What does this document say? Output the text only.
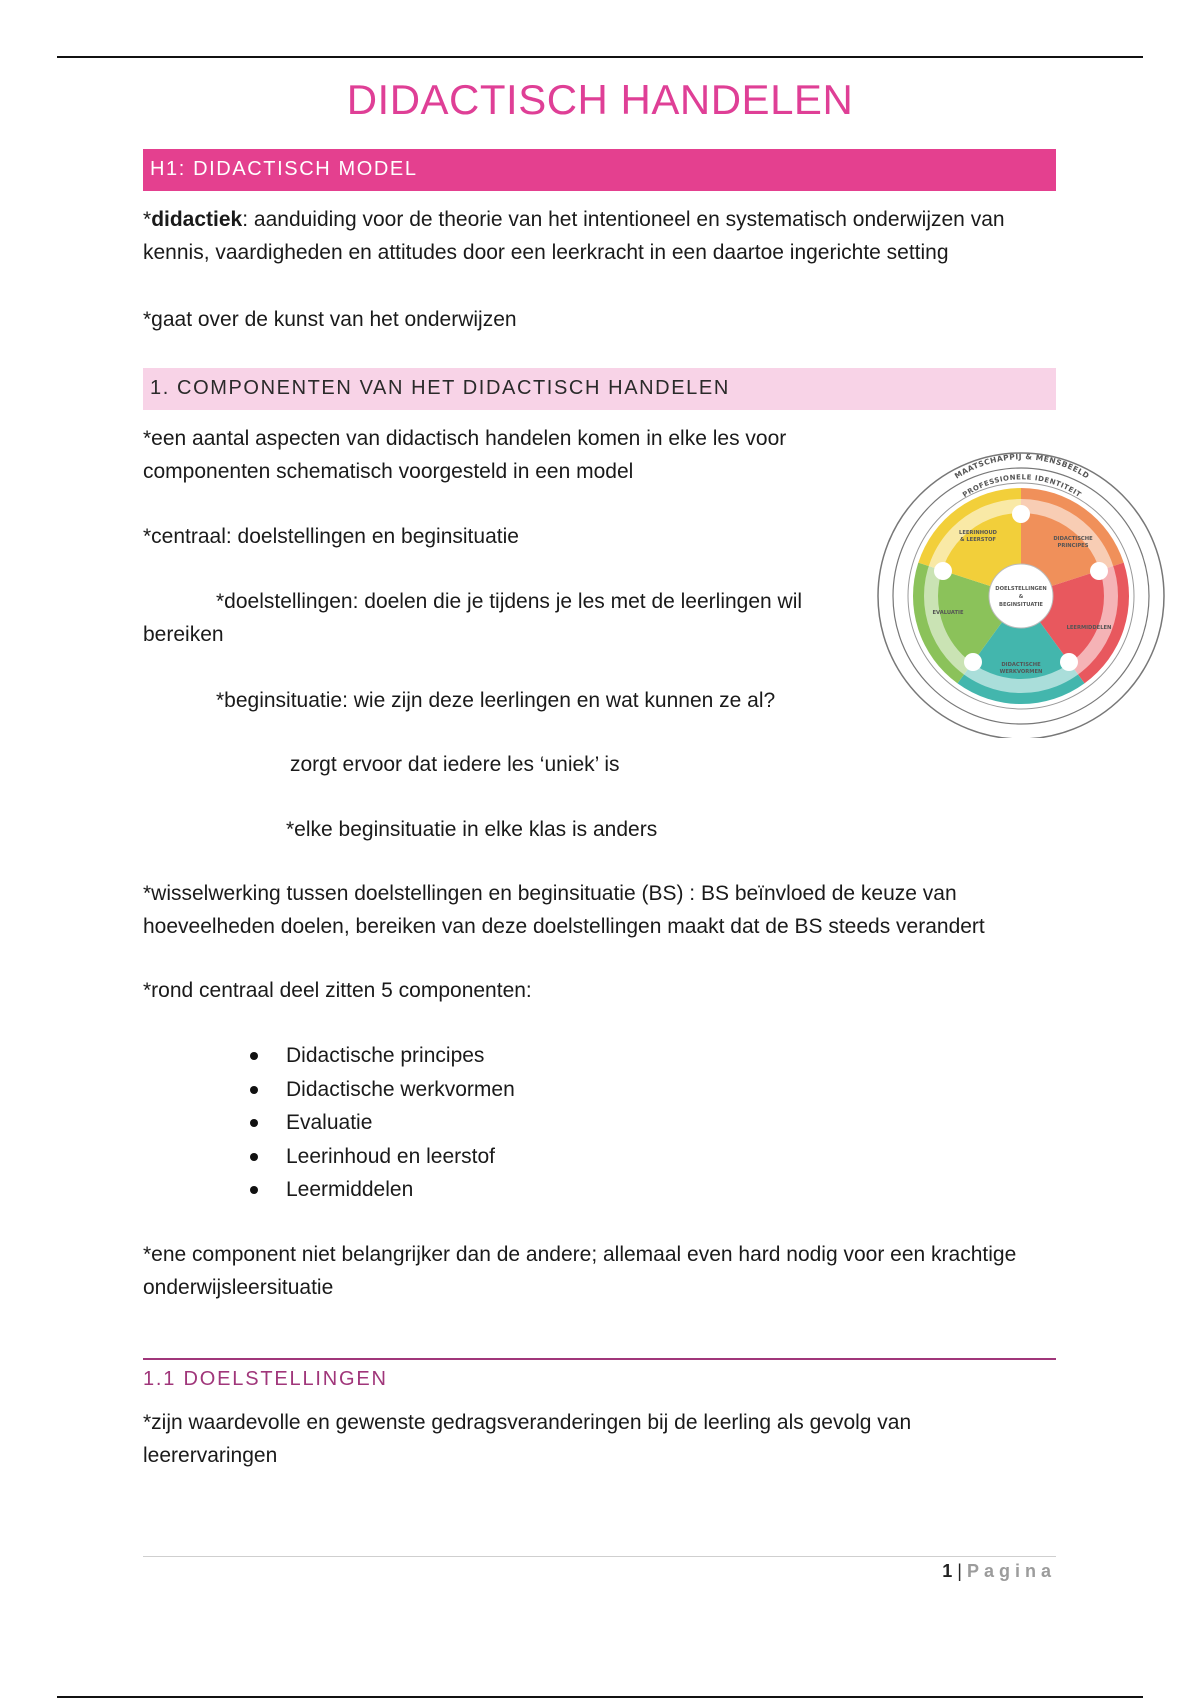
DIDACTISCH HANDELEN
H1: DIDACTISCH MODEL

*didactiek: aanduiding voor de theorie van het intentioneel en systematisch onderwijzen van kennis, vaardigheden en attitudes door een leerkracht in een daartoe ingerichte setting

*gaat over de kunst van het onderwijzen

1. COMPONENTEN VAN HET DIDACTISCH HANDELEN

*een aantal aspecten van didactisch handelen komen in elke les voor componenten schematisch voorgesteld in een model

*centraal: doelstellingen en beginsituatie

*doelstellingen: doelen die je tijdens je les met de leerlingen wil

bereiken

*beginsituatie: wie zijn deze leerlingen en wat kunnen ze al?

zorgt ervoor dat iedere les ‘uniek’ is

*elke beginsituatie in elke klas is anders

*wisselwerking tussen doelstellingen en beginsituatie (BS) : BS beïnvloed de keuze van hoeveelheden doelen, bereiken van deze doelstellingen maakt dat de BS steeds verandert

*rond centraal deel zitten 5 componenten:

Didactische principes
Didactische werkvormen
Evaluatie
Leerinhoud en leerstof
Leermiddelen

*ene component niet belangrijker dan de andere; allemaal even hard nodig voor een krachtige onderwijsleersituatie

1.1 DOELSTELLINGEN

*zijn waardevolle en gewenste gedragsveranderingen bij de leerling als gevolg van leerervaringen

MAATSCHAPPIJ & MENSBEELD
PROFESSIONELE IDENTITEIT
DOELSTELLINGEN
&
BEGINSITUATIE
LEERINHOUD
& LEERSTOF	DIDACTISCHE
PRINCIPES
LEERMIDDELEN
DIDACTISCHE
WERKVORMEN
EVALUATIE
1 | Pagina
